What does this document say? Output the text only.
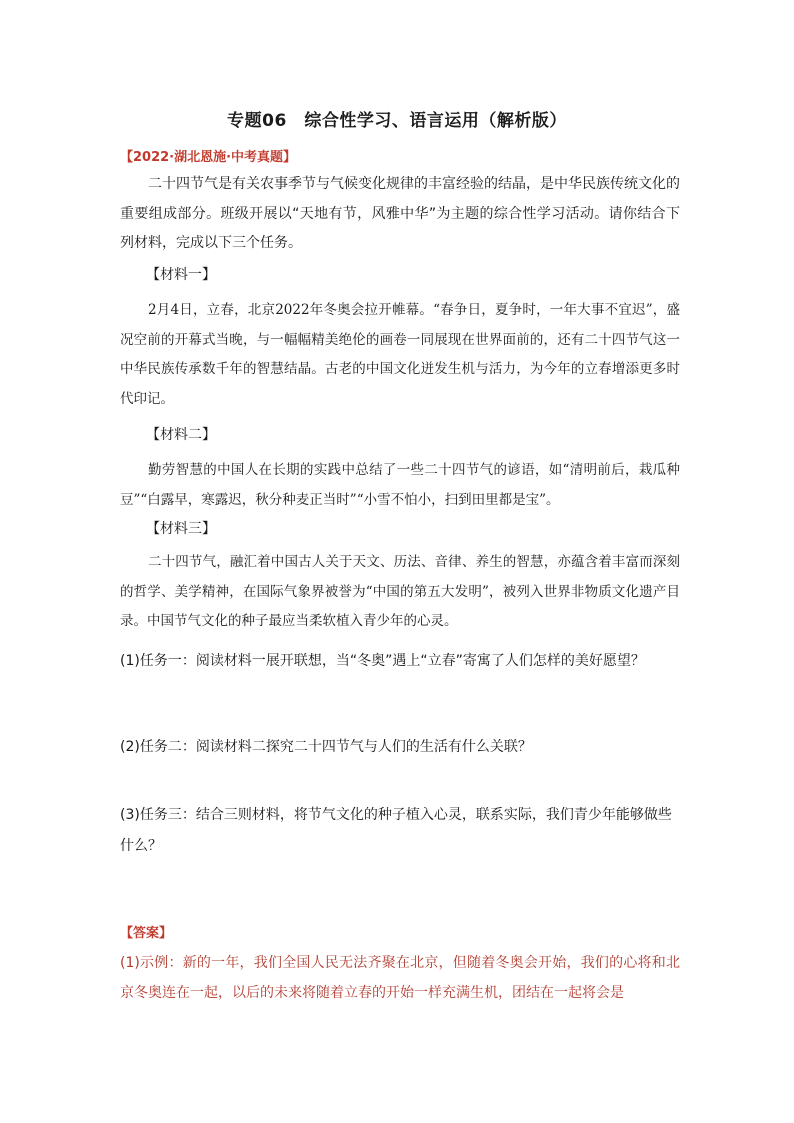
专题06　综合性学习、语言运用（解析版）
【2022·湖北恩施·中考真题】
二十四节气是有关农事季节与气候变化规律的丰富经验的结晶，是中华民族传统文化的重要组成部分。班级开展以“天地有节，风雅中华”为主题的综合性学习活动。请你结合下列材料，完成以下三个任务。
【材料一】
2月4日，立春，北京2022年冬奥会拉开帷幕。“春争日，夏争时，一年大事不宜迟”，盛况空前的开幕式当晚，与一幅幅精美绝伦的画卷一同展现在世界面前的，还有二十四节气这一中华民族传承数千年的智慧结晶。古老的中国文化迸发生机与活力，为今年的立春增添更多时代印记。
【材料二】
勤劳智慧的中国人在长期的实践中总结了一些二十四节气的谚语，如“清明前后，栽瓜种豆”“白露早，寒露迟，秋分种麦正当时”“小雪不怕小，扫到田里都是宝”。
【材料三】
二十四节气，融汇着中国古人关于天文、历法、音律、养生的智慧，亦蕴含着丰富而深刻的哲学、美学精神，在国际气象界被誉为“中国的第五大发明”，被列入世界非物质文化遗产目录。中国节气文化的种子最应当柔软植入青少年的心灵。
(1)任务一：阅读材料一展开联想，当“冬奥”遇上“立春”寄寓了人们怎样的美好愿望？
(2)任务二：阅读材料二探究二十四节气与人们的生活有什么关联？
(3)任务三：结合三则材料，将节气文化的种子植入心灵，联系实际，我们青少年能够做些什么？
【答案】
(1)示例：新的一年，我们全国人民无法齐聚在北京，但随着冬奥会开始，我们的心将和北京冬奥连在一起，以后的未来将随着立春的开始一样充满生机，团结在一起将会是
